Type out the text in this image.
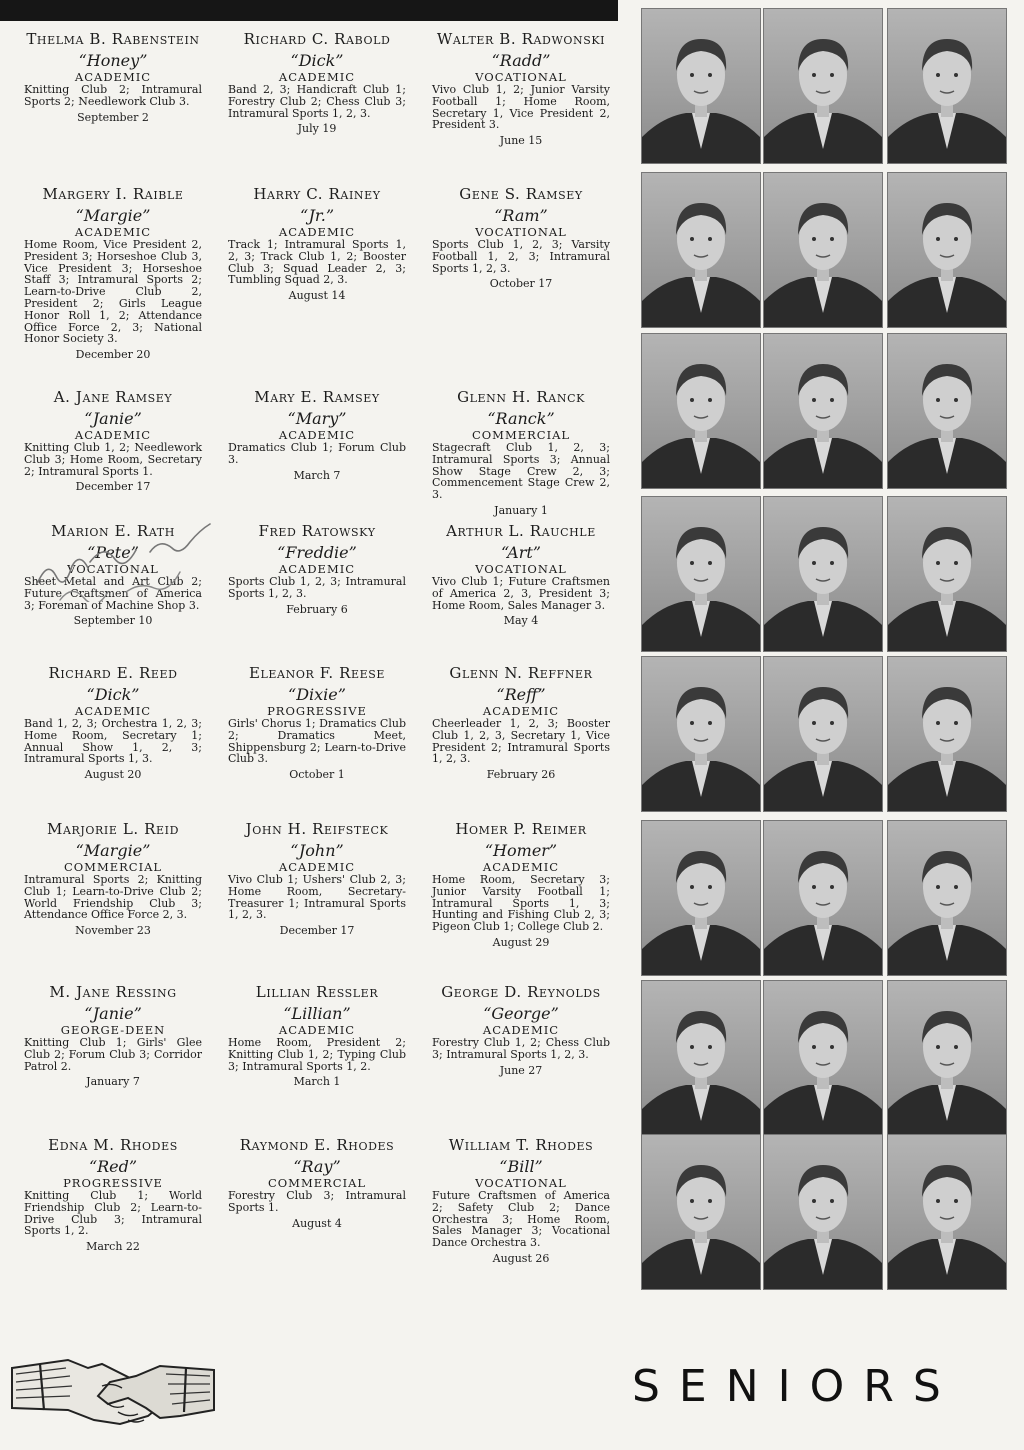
Thelma B. Rabenstein
“Honey”
ACADEMIC
Knitting Club 2; Intramural Sports 2; Needlework Club 3.
September 2
Richard C. Rabold
“Dick”
ACADEMIC
Band 2, 3; Handicraft Club 1; Forestry Club 2; Chess Club 3; Intramural Sports 1, 2, 3.
July 19
Walter B. Radwonski
“Radd”
VOCATIONAL
Vivo Club 1, 2; Junior Varsity Football 1; Home Room, Secretary 1, Vice President 2, President 3.
June 15
Margery I. Raible
“Margie”
ACADEMIC
Home Room, Vice President 2, President 3; Horseshoe Club 3, Vice President 3; Horseshoe Staff 3; Intramural Sports 2; Learn-to-Drive Club 2, President 2; Girls League Honor Roll 1, 2; Attendance Office Force 2, 3; National Honor Society 3.
December 20
Harry C. Rainey
“Jr.”
ACADEMIC
Track 1; Intramural Sports 1, 2, 3; Track Club 1, 2; Booster Club 3; Squad Leader 2, 3; Tumbling Squad 2, 3.
August 14
Gene S. Ramsey
“Ram”
VOCATIONAL
Sports Club 1, 2, 3; Varsity Football 1, 2, 3; Intramural Sports 1, 2, 3.
October 17
A. Jane Ramsey
“Janie”
ACADEMIC
Knitting Club 1, 2; Needlework Club 3; Home Room, Secretary 2; Intramural Sports 1.
December 17
Mary E. Ramsey
“Mary”
ACADEMIC
Dramatics Club 1; Forum Club 3.
March 7
Glenn H. Ranck
“Ranck”
COMMERCIAL
Stagecraft Club 1, 2, 3; Intramural Sports 3; Annual Show Stage Crew 2, 3; Commencement Stage Crew 2, 3.
January 1
Marion E. Rath
“Pete”
VOCATIONAL
Sheet Metal and Art Club 2; Future Craftsmen of America 3; Foreman of Machine Shop 3.
September 10
Fred Ratowsky
“Freddie”
ACADEMIC
Sports Club 1, 2, 3; Intramural Sports 1, 2, 3.
February 6
Arthur L. Rauchle
“Art”
VOCATIONAL
Vivo Club 1; Future Craftsmen of America 2, 3, President 3; Home Room, Sales Manager 3.
May 4
Richard E. Reed
“Dick”
ACADEMIC
Band 1, 2, 3; Orchestra 1, 2, 3; Home Room, Secretary 1; Annual Show 1, 2, 3; Intramural Sports 1, 3.
August 20
Eleanor F. Reese
“Dixie”
PROGRESSIVE
Girls' Chorus 1; Dramatics Club 2; Dramatics Meet, Shippensburg 2; Learn-to-Drive Club 3.
October 1
Glenn N. Reffner
“Reff”
ACADEMIC
Cheerleader 1, 2, 3; Booster Club 1, 2, 3, Secretary 1, Vice President 2; Intramural Sports 1, 2, 3.
February 26
Marjorie L. Reid
“Margie”
COMMERCIAL
Intramural Sports 2; Knitting Club 1; Learn-to-Drive Club 2; World Friendship Club 3; Attendance Office Force 2, 3.
November 23
John H. Reifsteck
“John”
ACADEMIC
Vivo Club 1; Ushers' Club 2, 3; Home Room, Secretary-Treasurer 1; Intramural Sports 1, 2, 3.
December 17
Homer P. Reimer
“Homer”
ACADEMIC
Home Room, Secretary 3; Junior Varsity Football 1; Intramural Sports 1, 3; Hunting and Fishing Club 2, 3; Pigeon Club 1; College Club 2.
August 29
M. Jane Ressing
“Janie”
GEORGE-DEEN
Knitting Club 1; Girls' Glee Club 2; Forum Club 3; Corridor Patrol 2.
January 7
Lillian Ressler
“Lillian”
ACADEMIC
Home Room, President 2; Knitting Club 1, 2; Typing Club 3; Intramural Sports 1, 2.
March 1
George D. Reynolds
“George”
ACADEMIC
Forestry Club 1, 2; Chess Club 3; Intramural Sports 1, 2, 3.
June 27
Edna M. Rhodes
“Red”
PROGRESSIVE
Knitting Club 1; World Friendship Club 2; Learn-to-Drive Club 3; Intramural Sports 1, 2.
March 22
Raymond E. Rhodes
“Ray”
COMMERCIAL
Forestry Club 3; Intramural Sports 1.
August 4
William T. Rhodes
“Bill”
VOCATIONAL
Future Craftsmen of America 2; Safety Club 2; Dance Orchestra 3; Home Room, Sales Manager 3; Vocational Dance Orchestra 3.
August 26
SENIORS
